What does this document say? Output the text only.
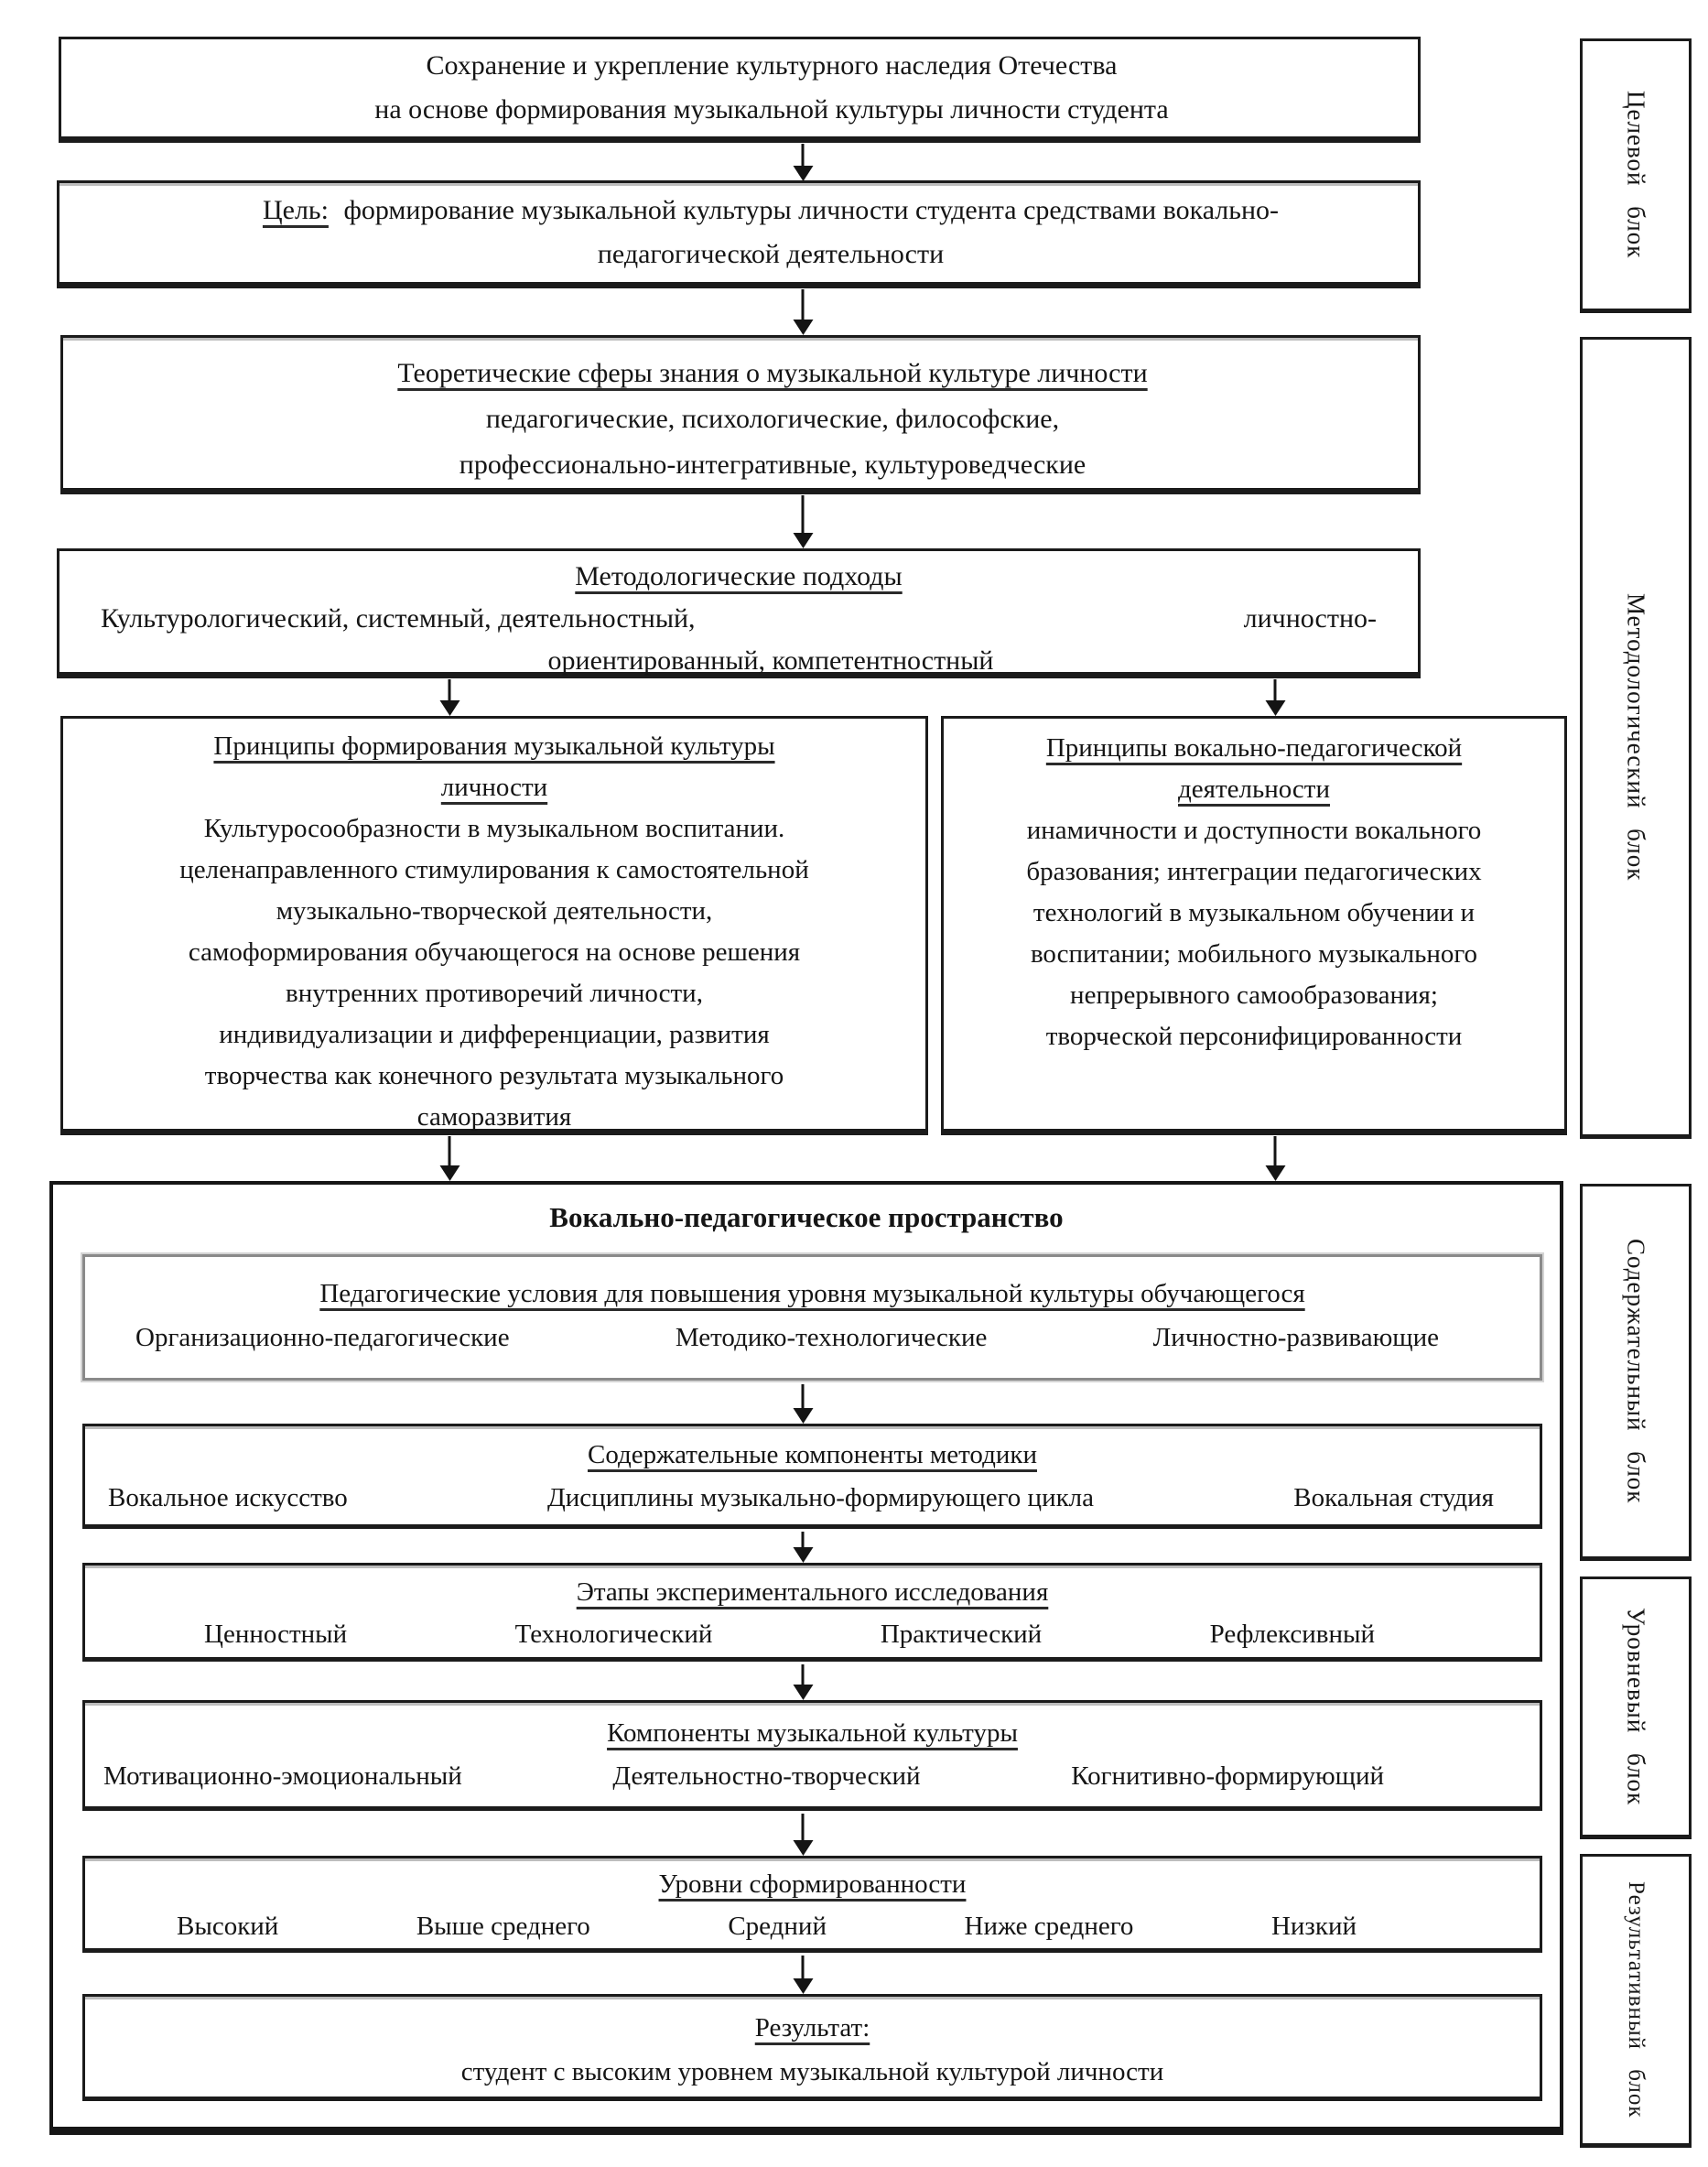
Сохранение и укрепление культурного наследия Отечества
на основе формирования музыкальной культуры личности студента
Цель: формирование музыкальной культуры личности студента средствами вокально-
педагогической деятельности
Теоретические сферы знания о музыкальной культуре личности
педагогические, психологические, философские,
профессионально-интегративные, культуроведческие
Методологические подходы
Культурологический, системный, деятельностный,	личностно-
ориентированный, компетентностный
Принципы формирования музыкальной культуры
личности
Культуросообразности в музыкальном воспитании.
целенаправленного стимулирования к самостоятельной
музыкально-творческой деятельности,
самоформирования обучающегося на основе решения
внутренних противоречий личности,
индивидуализации и дифференциации, развития
творчества как конечного результата музыкального
саморазвития
Принципы вокально-педагогической
деятельности
инамичности и доступности вокального
бразования; интеграции педагогических
технологий в музыкальном обучении и
воспитании; мобильного музыкального
непрерывного самообразования;
творческой персонифицированности
Вокально-педагогическое пространство
Педагогические условия для повышения уровня музыкальной культуры обучающегося
Организационно-педагогические	Методико-технологические	Личностно-развивающие
Содержательные компоненты методики
Вокальное искусство	Дисциплины музыкально-формирующего цикла	Вокальная студия
Этапы экспериментального исследования
Ценностный	Технологический	Практический	Рефлексивный
Компоненты музыкальной культуры
Мотивационно-эмоциональный	Деятельностно-творческий	Когнитивно-формирующий
Уровни сформированности
Высокий	Выше среднего	Средний	Ниже среднего	Низкий
Результат:
студент с высоким уровнем музыкальной культурой личности
Целевой блок
Методологический блок
Содержательный блок
Уровневый блок
Результативный блок
